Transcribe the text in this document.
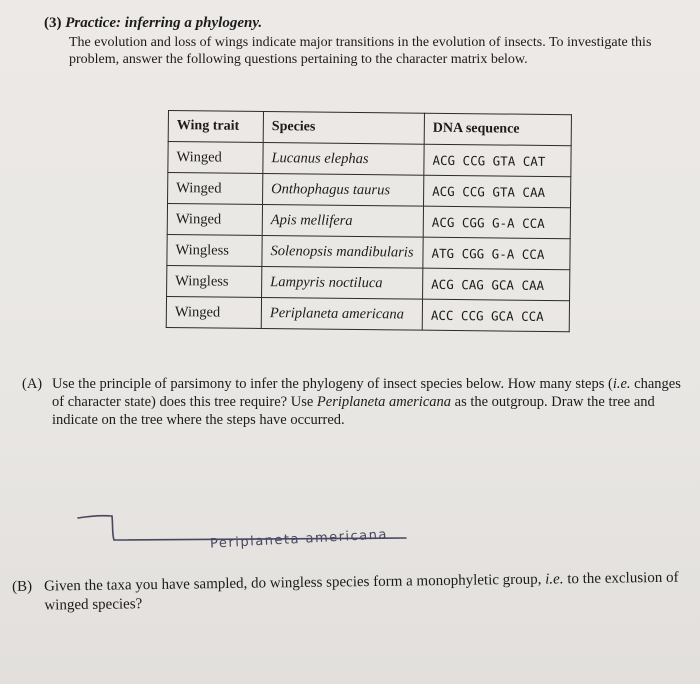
(3) Practice: inferring a phylogeny.
The evolution and loss of wings indicate major transitions in the evolution of insects. To investigate this problem, answer the following questions pertaining to the character matrix below.
Wing trait	Species	DNA sequence
Winged	Lucanus elephas	ACG CCG GTA CAT
Winged	Onthophagus taurus	ACG CCG GTA CAA
Winged	Apis mellifera	ACG CGG G-A CCA
Wingless	Solenopsis mandibularis	ATG CGG G-A CCA
Wingless	Lampyris noctiluca	ACG CAG GCA CAA
Winged	Periplaneta americana	ACC CCG GCA CCA
(A) Use the principle of parsimony to infer the phylogeny of insect species below. How many steps (i.e. changes of character state) does this tree require? Use Periplaneta americana as the outgroup. Draw the tree and indicate on the tree where the steps have occurred.
Periplaneta americana
(B) Given the taxa you have sampled, do wingless species form a monophyletic group, i.e. to the exclusion of winged species?
